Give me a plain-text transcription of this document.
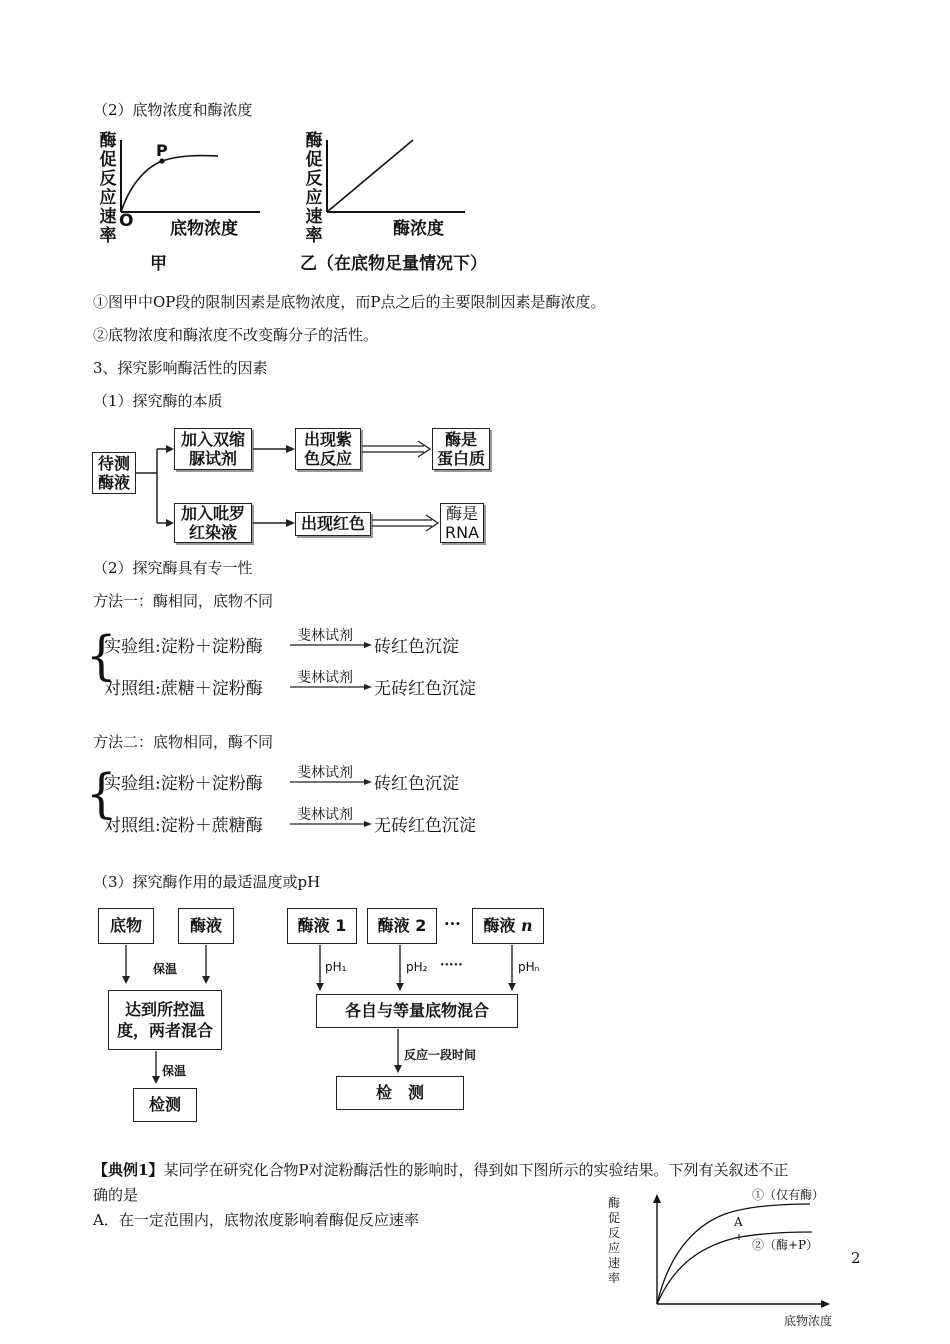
（2）底物浓度和酶浓度
酶
促
反
应
速
率
O
P
底物浓度
甲
酶
促
反
应
速
率	酶浓度
乙（在底物足量情况下）
①图甲中OP段的限制因素是底物浓度，而P点之后的主要限制因素是酶浓度。
②底物浓度和酶浓度不改变酶分子的活性。
3、探究影响酶活性的因素
（1）探究酶的本质
待测
酶液
加入双缩
脲试剂
出现紫
色反应
酶是
蛋白质
加入吡罗
红染液	出现红色
酶是
RNA
（2）探究酶具有专一性
方法一：酶相同，底物不同
{
实验组:淀粉＋淀粉酶
斐林试剂
砖红色沉淀
对照组:蔗糖＋淀粉酶
斐林试剂
无砖红色沉淀
方法二：底物相同，酶不同
{
实验组:淀粉＋淀粉酶
斐林试剂
砖红色沉淀
对照组:淀粉＋蔗糖酶
斐林试剂
无砖红色沉淀
（3）探究酶作用的最适温度或pH
底物	酶液
保温
达到所控温
度，两者混合
保温
检测
酶液 1	酶液 2	··· 酶液
n
pH₁	pH₂ ·····	pHₙ
各自与等量底物混合
反应一段时间
检　测
【典例1】某同学在研究化合物P对淀粉酶活性的影响时，得到如下图所示的实验结果。下列有关叙述不正
确的是
A．在一定范围内，底物浓度影响着酶促反应速率
酶
促
反
应
速
率
①（仅有酶）
A
②（酶+P）
底物浓度
2
